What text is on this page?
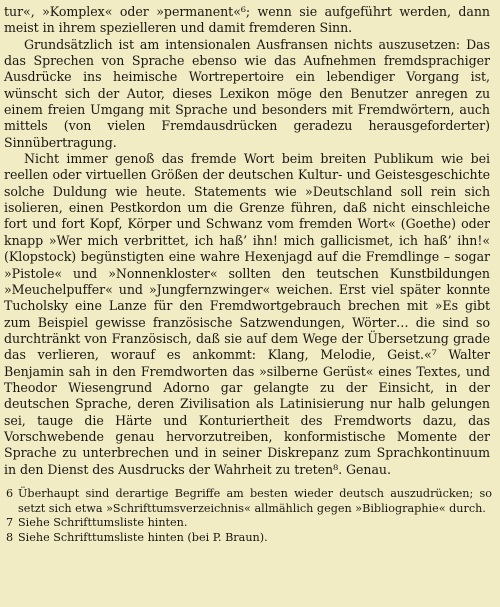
tur«, »Komplex« oder »permanent«⁶; wenn sie aufgeführt werden, dann meist in ihrem spezielleren und damit fremderen Sinn.

Grundsätzlich ist am intensionalen Ausfransen nichts auszusetzen: Das das Sprechen von Sprache ebenso wie das Aufnehmen fremdsprachiger Ausdrücke ins heimische Wortrepertoire ein lebendiger Vorgang ist, wünscht sich der Autor, dieses Lexikon möge den Benutzer anregen zu einem freien Umgang mit Sprache und besonders mit Fremdwörtern, auch mittels (von vielen Fremdausdrücken geradezu herausgeforderter) Sinnübertragung.

Nicht immer genoß das fremde Wort beim breiten Publikum wie bei reellen oder virtuellen Größen der deutschen Kultur- und Geistesgeschichte solche Duldung wie heute. Statements wie »Deutschland soll rein sich isolieren, einen Pestkordon um die Grenze führen, daß nicht einschleiche fort und fort Kopf, Körper und Schwanz vom fremden Wort« (Goethe) oder knapp »Wer mich verbrittet, ich haß’ ihn! mich gallicismet, ich haß’ ihn!« (Klopstock) begünstigten eine wahre Hexenjagd auf die Fremdlinge – sogar »Pistole« und »Nonnenkloster« sollten den teutschen Kunstbildungen »Meuchelpuffer« und »Jungfernzwinger« weichen. Erst viel später konnte Tucholsky eine Lanze für den Fremdwortgebrauch brechen mit »Es gibt zum Beispiel gewisse französische Satzwendungen, Wörter… die sind so durchtränkt von Französisch, daß sie auf dem Wege der Übersetzung grade das verlieren, worauf es ankommt: Klang, Melodie, Geist.«⁷ Walter Benjamin sah in den Fremdworten das »silberne Gerüst« eines Textes, und Theodor Wiesengrund Adorno gar gelangte zu der Einsicht, in der deutschen Sprache, deren Zivilisation als Latinisierung nur halb gelungen sei, tauge die Härte und Konturiertheit des Fremdworts dazu, das Vorschwebende genau hervorzutreiben, konformistische Momente der Sprache zu unterbrechen und in seiner Diskrepanz zum Sprachkontinuum in den Dienst des Ausdrucks der Wahrheit zu treten⁸. Genau.

6 Überhaupt sind derartige Begriffe am besten wieder deutsch auszudrücken; so setzt sich etwa »Schrifttumsverzeichnis« allmählich gegen »Bibliographie« durch.
7 Siehe Schrifttumsliste hinten.
8 Siehe Schrifttumsliste hinten (bei P. Braun).
